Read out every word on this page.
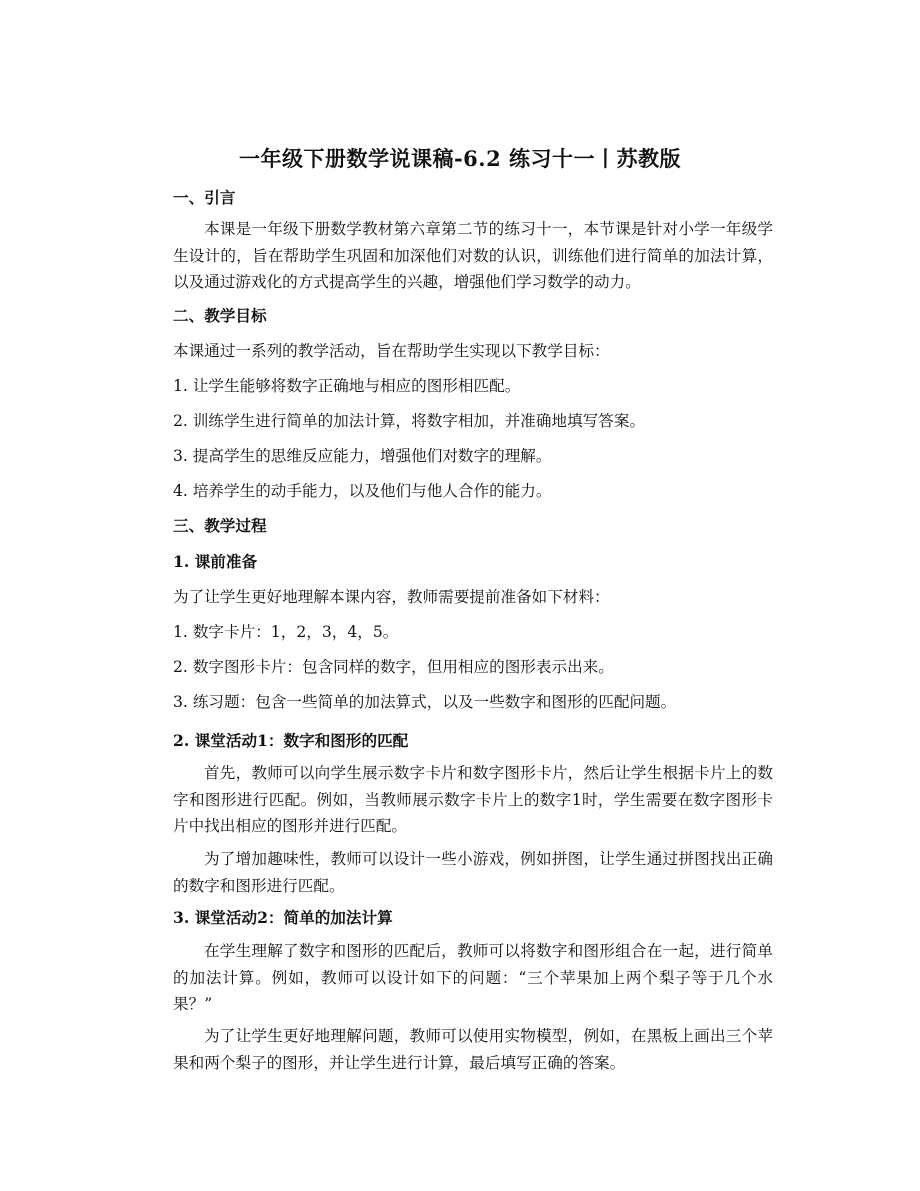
一年级下册数学说课稿-6.2 练习十一丨苏教版
一、引言
本课是一年级下册数学教材第六章第二节的练习十一，本节课是针对小学一年级学生设计的，旨在帮助学生巩固和加深他们对数的认识，训练他们进行简单的加法计算，以及通过游戏化的方式提高学生的兴趣，增强他们学习数学的动力。
二、教学目标
本课通过一系列的教学活动，旨在帮助学生实现以下教学目标：
1. 让学生能够将数字正确地与相应的图形相匹配。
2. 训练学生进行简单的加法计算，将数字相加，并准确地填写答案。
3. 提高学生的思维反应能力，增强他们对数字的理解。
4. 培养学生的动手能力，以及他们与他人合作的能力。
三、教学过程
1. 课前准备
为了让学生更好地理解本课内容，教师需要提前准备如下材料：
1. 数字卡片：1，2，3，4，5。
2. 数字图形卡片：包含同样的数字，但用相应的图形表示出来。
3. 练习题：包含一些简单的加法算式，以及一些数字和图形的匹配问题。
2. 课堂活动1：数字和图形的匹配
首先，教师可以向学生展示数字卡片和数字图形卡片，然后让学生根据卡片上的数字和图形进行匹配。例如，当教师展示数字卡片上的数字1时，学生需要在数字图形卡片中找出相应的图形并进行匹配。
为了增加趣味性，教师可以设计一些小游戏，例如拼图，让学生通过拼图找出正确的数字和图形进行匹配。
3. 课堂活动2：简单的加法计算
在学生理解了数字和图形的匹配后，教师可以将数字和图形组合在一起，进行简单的加法计算。例如，教师可以设计如下的问题：“三个苹果加上两个梨子等于几个水果？”
为了让学生更好地理解问题，教师可以使用实物模型，例如，在黑板上画出三个苹果和两个梨子的图形，并让学生进行计算，最后填写正确的答案。
